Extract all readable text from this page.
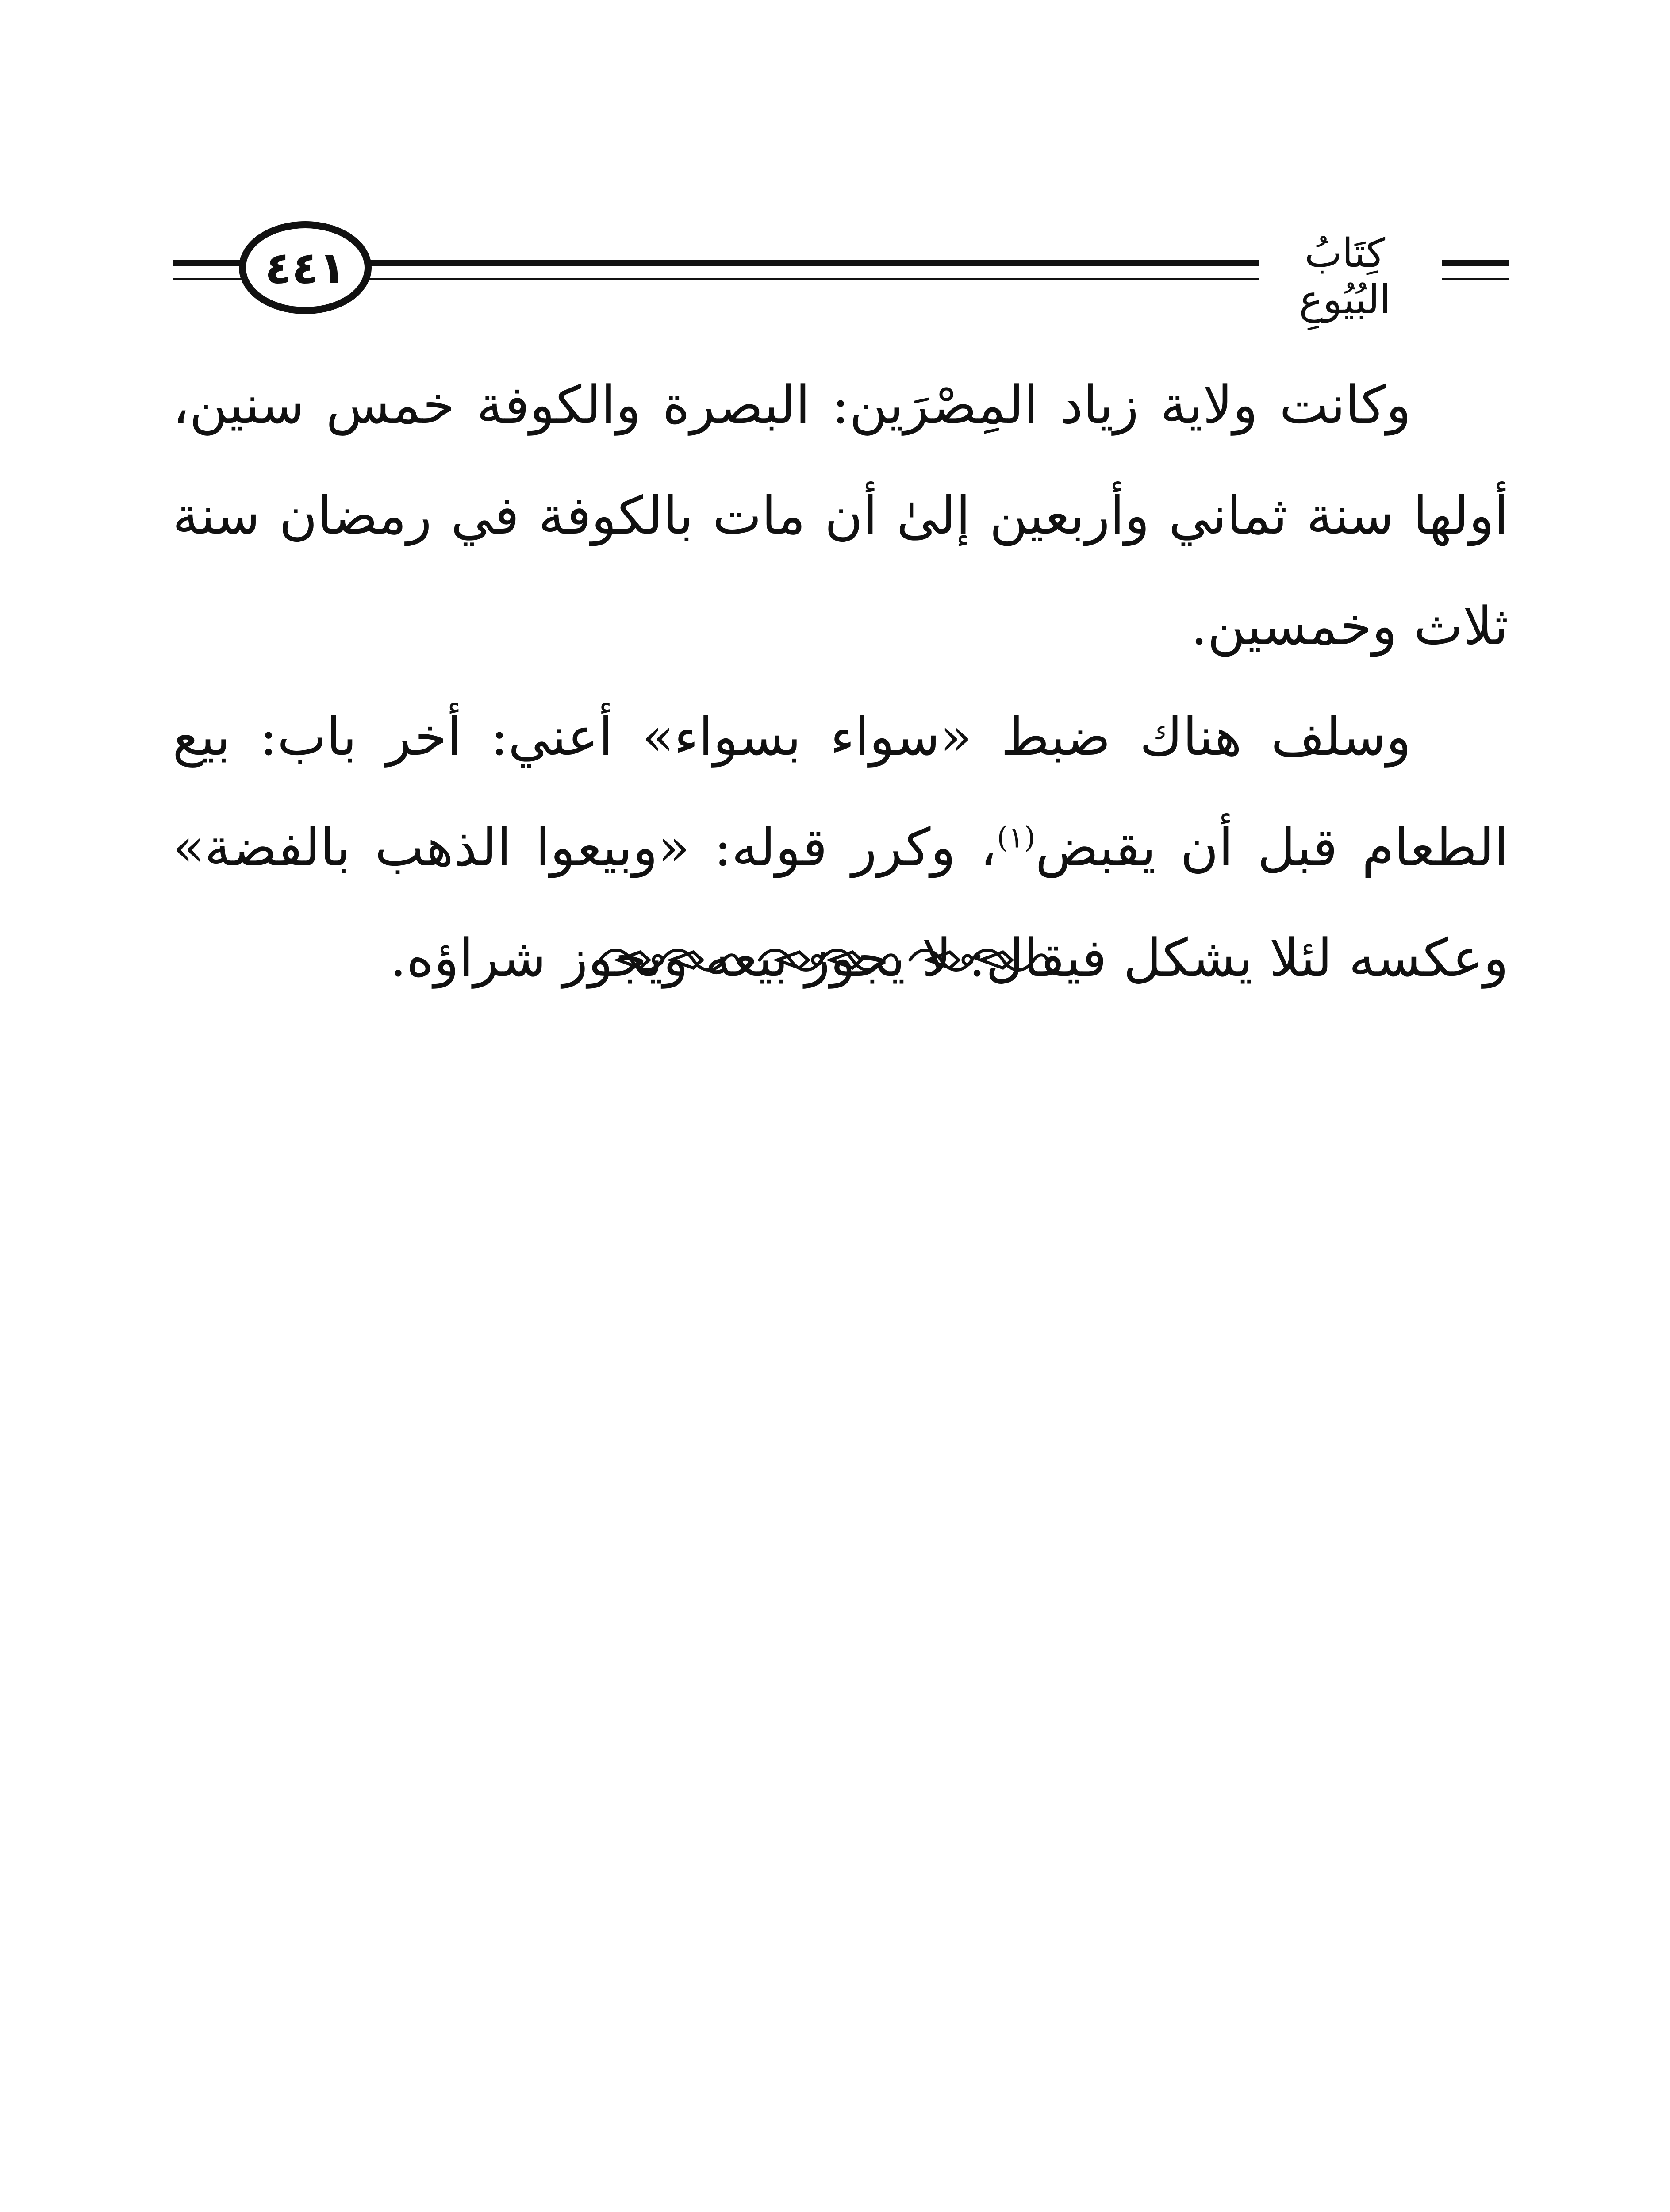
٤٤١	كِتَابُ البُيُوعِ

وكانت ولاية زياد المِصْرَين: البصرة والكوفة خمس سنين، أولها سنة ثماني وأربعين إلىٰ أن مات بالكوفة في رمضان سنة ثلاث وخمسين.

وسلف هناك ضبط «سواء بسواء» أعني: أخر باب: بيع الطعام قبل أن يقبض$^{(١)}$، وكرر قوله: «وبيعوا الذهب بالفضة» وعكسه لئلا يشكل فيقال: لا يجوز بيعه ويجوز شراؤه.
